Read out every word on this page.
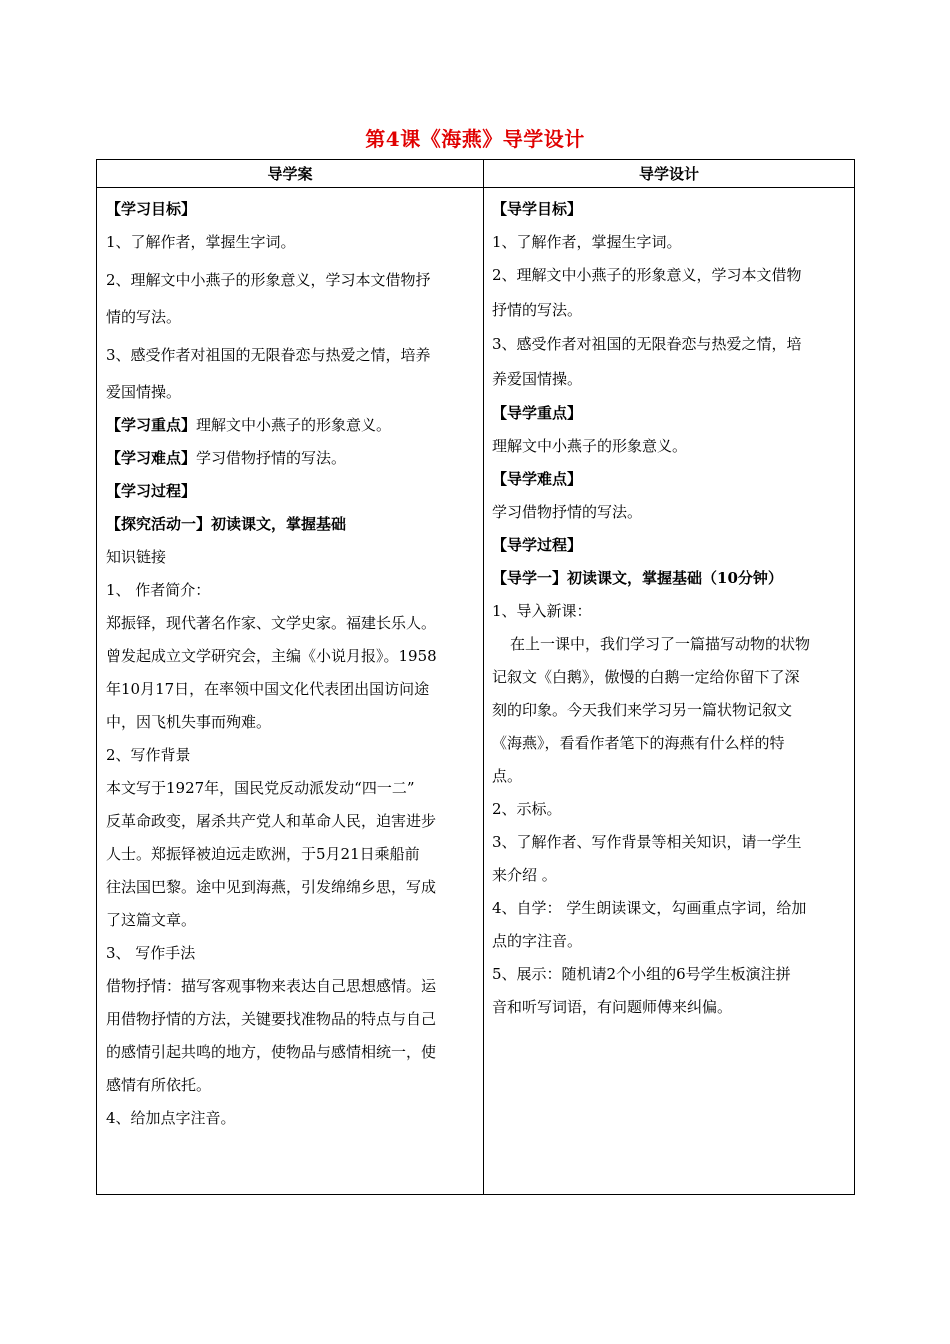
第4课《海燕》导学设计
导学案

【学习目标】

1、了解作者，掌握生字词。

2、理解文中小燕子的形象意义，学习本文借物抒

情的写法。

3、感受作者对祖国的无限眷恋与热爱之情，培养

爱国情操。

【学习重点】理解文中小燕子的形象意义。

【学习难点】学习借物抒情的写法。

【学习过程】

【探究活动一】初读课文，掌握基础

知识链接

1、 作者简介：

郑振铎，现代著名作家、文学史家。福建长乐人。

曾发起成立文学研究会，主编《小说月报》。1958

年10月17日，在率领中国文化代表团出国访问途

中，因飞机失事而殉难。

2、写作背景

本文写于1927年，国民党反动派发动“四一二”

反革命政变，屠杀共产党人和革命人民，迫害进步

人士。郑振铎被迫远走欧洲，于5月21日乘船前

往法国巴黎。途中见到海燕，引发绵绵乡思，写成

了这篇文章。

3、 写作手法

借物抒情：描写客观事物来表达自己思想感情。运

用借物抒情的方法，关键要找准物品的特点与自己

的感情引起共鸣的地方，使物品与感情相统一，使

感情有所依托。

4、给加点字注音。

导学设计

【导学目标】

1、了解作者，掌握生字词。

2、理解文中小燕子的形象意义，学习本文借物

抒情的写法。

3、感受作者对祖国的无限眷恋与热爱之情，培

养爱国情操。

【导学重点】

理解文中小燕子的形象意义。

【导学难点】

学习借物抒情的写法。

【导学过程】

【导学一】初读课文，掌握基础（10分钟）

1、导入新课：

在上一课中，我们学习了一篇描写动物的状物

记叙文《白鹅》，傲慢的白鹅一定给你留下了深

刻的印象。今天我们来学习另一篇状物记叙文

《海燕》，看看作者笔下的海燕有什么样的特

点。

2、示标。

3、了解作者、写作背景等相关知识，请一学生

来介绍 。

4、自学： 学生朗读课文，勾画重点字词，给加

点的字注音。

5、展示：随机请2个小组的6号学生板演注拼

音和听写词语，有问题师傅来纠偏。
